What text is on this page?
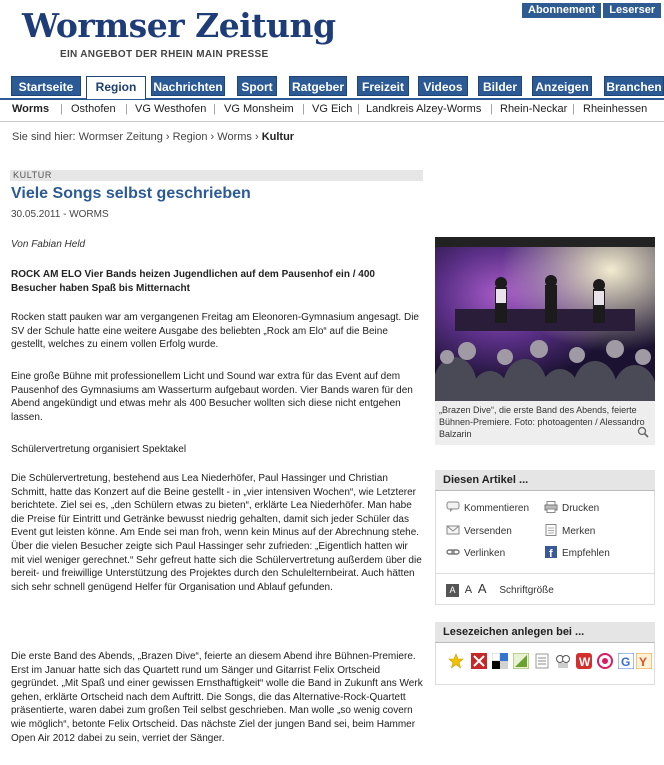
Wormser Zeitung
EIN ANGEBOT DER RHEIN MAIN PRESSE
Abonnement Leserser
Startseite	Region	Nachrichten	Sport	Ratgeber	Freizeit	Videos	Bilder	Anzeigen Branchen
Worms | Osthofen | VG Westhofen | VG Monsheim | VG Eich | Landkreis Alzey-Worms | Rhein-Neckar | Rheinhessen
Sie sind hier: Wormser Zeitung › Region › Worms › Kultur
KULTUR
Viele Songs selbst geschrieben
30.05.2011 - WORMS
Von Fabian Held
ROCK AM ELO Vier Bands heizen Jugendlichen auf dem Pausenhof ein / 400 Besucher haben Spaß bis Mitternacht
Rocken statt pauken war am vergangenen Freitag am Eleonoren-Gymnasium angesagt. Die SV der Schule hatte eine weitere Ausgabe des beliebten „Rock am Elo“ auf die Beine gestellt, welches zu einem vollen Erfolg wurde.
Eine große Bühne mit professionellem Licht und Sound war extra für das Event auf dem Pausenhof des Gymnasiums am Wasserturm aufgebaut worden. Vier Bands waren für den Abend angekündigt und etwas mehr als 400 Besucher wollten sich diese nicht entgehen lassen.
Schülervertretung organisiert Spektakel
Die Schülervertretung, bestehend aus Lea Niederhöfer, Paul Hassinger und Christian Schmitt, hatte das Konzert auf die Beine gestellt - in „vier intensiven Wochen“, wie Letzterer berichtete. Ziel sei es, „den Schülern etwas zu bieten“, erklärte Lea Niederhöfer. Man habe die Preise für Eintritt und Getränke bewusst niedrig gehalten, damit sich jeder Schüler das Event gut leisten könne. Am Ende sei man froh, wenn kein Minus auf der Abrechnung stehe. Über die vielen Besucher zeigte sich Paul Hassinger sehr zufrieden: „Eigentlich hatten wir mit viel weniger gerechnet.“ Sehr gefreut hatte sich die Schülervertretung außerdem über die bereit- und freiwillige Unterstützung des Projektes durch den Schulelternbeirat. Auch hätten sich sehr schnell genügend Helfer für Organisation und Ablauf gefunden.
Die erste Band des Abends, „Brazen Dive“, feierte an diesem Abend ihre Bühnen-Premiere. Erst im Januar hatte sich das Quartett rund um Sänger und Gitarrist Felix Ortscheid gegründet. „Mit Spaß und einer gewissen Ernsthaftigkeit“ wolle die Band in Zukunft ans Werk gehen, erklärte Ortscheid nach dem Auftritt. Die Songs, die das Alternative-Rock-Quartett präsentierte, waren dabei zum großen Teil selbst geschrieben. Man wolle „so wenig covern wie möglich“, betonte Felix Ortscheid. Das nächste Ziel der jungen Band sei, beim Hammer Open Air 2012 dabei zu sein, verriet der Sänger.
„Brazen Dive“, die erste Band des Abends, feierte Bühnen-Premiere. Foto: photoagenten / Alessandro Balzarin
Diesen Artikel ...
Kommentieren	Drucken
Versenden	Merken
Verlinken	f Empfehlen
A A A Schriftgröße
Lesezeichen anlegen bei ...
W	G Y
